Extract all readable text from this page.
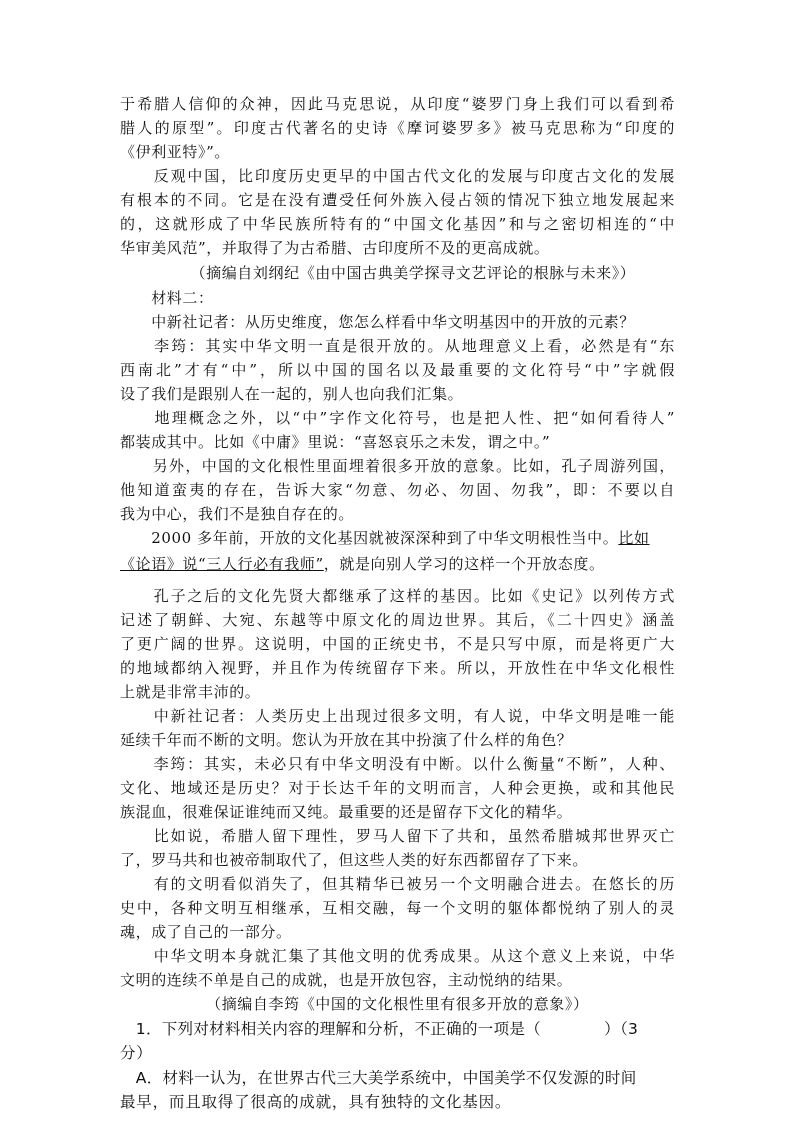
于希腊人信仰的众神，因此马克思说，从印度“婆罗门身上我们可以看到希
腊人的原型”。印度古代著名的史诗《摩诃婆罗多》被马克思称为“印度的
《伊利亚特》”。
　　反观中国，比印度历史更早的中国古代文化的发展与印度古文化的发展
有根本的不同。它是在没有遭受任何外族入侵占领的情况下独立地发展起来
的，这就形成了中华民族所特有的“中国文化基因”和与之密切相连的“中
华审美风范”，并取得了为古希腊、古印度所不及的更高成就。
　　　　　（摘编自刘纲纪《由中国古典美学探寻文艺评论的根脉与未来》）
　　材料二：
　　中新社记者：从历史维度，您怎么样看中华文明基因中的开放的元素？
　　李筠：其实中华文明一直是很开放的。从地理意义上看，必然是有“东
西南北”才有“中”，所以中国的国名以及最重要的文化符号“中”字就假
设了我们是跟别人在一起的，别人也向我们汇集。
　　地理概念之外，以“中”字作文化符号，也是把人性、把“如何看待人”
都装成其中。比如《中庸》里说：“喜怒哀乐之未发，谓之中。”
　　另外，中国的文化根性里面埋着很多开放的意象。比如，孔子周游列国，
他知道蛮夷的存在，告诉大家“勿意、勿必、勿固、勿我”，即：不要以自
我为中心，我们不是独自存在的。
　　2000 多年前，开放的文化基因就被深深种到了中华文明根性当中。比如
《论语》说“三人行必有我师”，就是向别人学习的这样一个开放态度。
　　孔子之后的文化先贤大都继承了这样的基因。比如《史记》以列传方式
记述了朝鲜、大宛、东越等中原文化的周边世界。其后，《二十四史》涵盖
了更广阔的世界。这说明，中国的正统史书，不是只写中原，而是将更广大
的地域都纳入视野，并且作为传统留存下来。所以，开放性在中华文化根性
上就是非常丰沛的。
　　中新社记者：人类历史上出现过很多文明，有人说，中华文明是唯一能
延续千年而不断的文明。您认为开放在其中扮演了什么样的角色？
　　李筠：其实，未必只有中华文明没有中断。以什么衡量“不断”，人种、
文化、地域还是历史？对于长达千年的文明而言，人种会更换，或和其他民
族混血，很难保证谁纯而又纯。最重要的还是留存下文化的精华。
　　比如说，希腊人留下理性，罗马人留下了共和，虽然希腊城邦世界灭亡
了，罗马共和也被帝制取代了，但这些人类的好东西都留存了下来。
　　有的文明看似消失了，但其精华已被另一个文明融合进去。在悠长的历
史中，各种文明互相继承，互相交融，每一个文明的躯体都悦纳了别人的灵
魂，成了自己的一部分。
　　中华文明本身就汇集了其他文明的优秀成果。从这个意义上来说，中华
文明的连续不单是自己的成就，也是开放包容，主动悦纳的结果。
　　　　　　（摘编自李筠《中国的文化根性里有很多开放的意象》）
　1．下列对材料相关内容的理解和分析，不正确的一项是（　　　　）（3
分）
　A．材料一认为，在世界古代三大美学系统中，中国美学不仅发源的时间
最早，而且取得了很高的成就，具有独特的文化基因。
